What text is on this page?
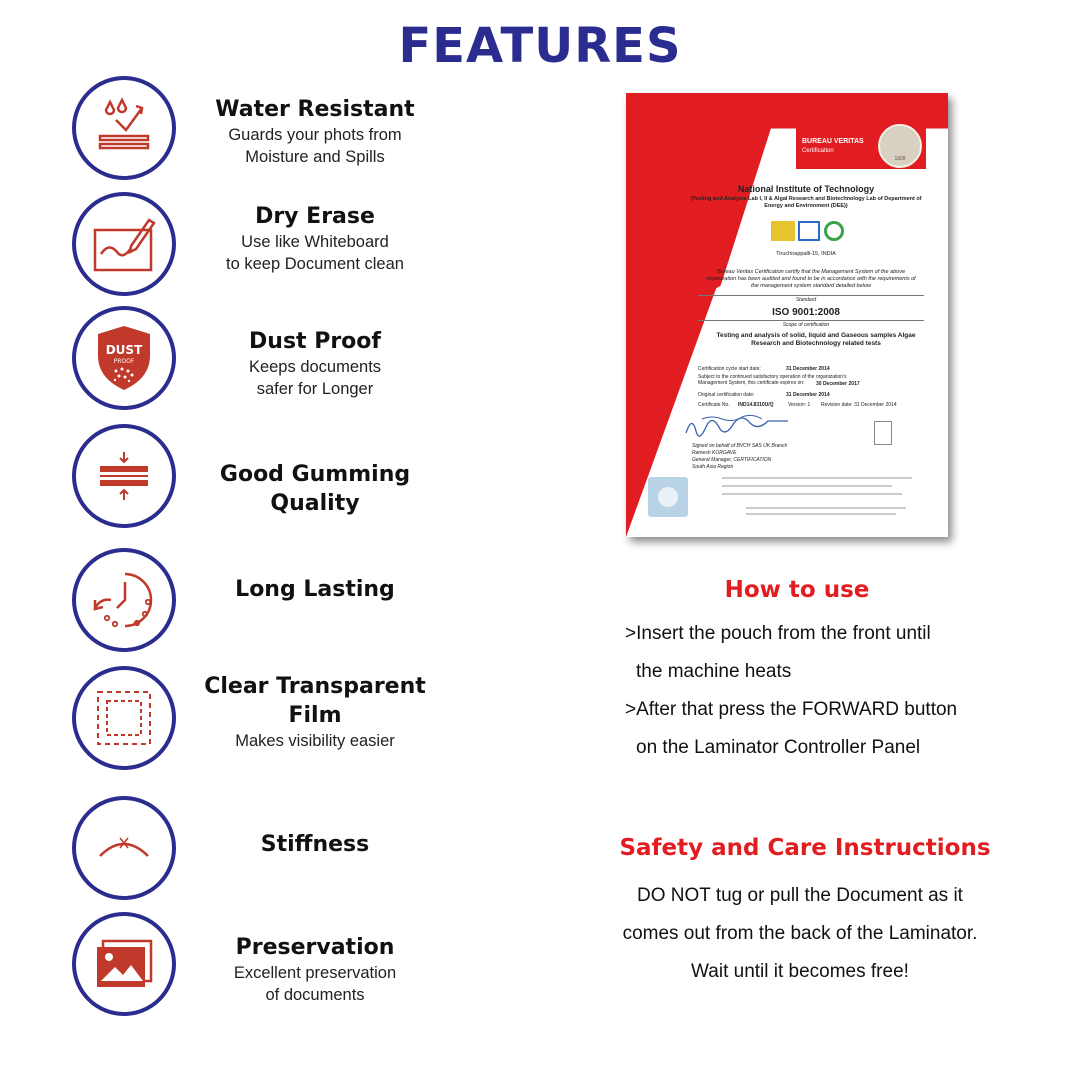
FEATURES
Water Resistant
Guards your phots from
Moisture and Spills
Dry Erase
Use like Whiteboard
to keep Document clean
DUST
PROOF
Dust Proof
Keeps documents
safer for Longer
Good Gumming
Quality
Long Lasting
Clear Transparent
Film
Makes visibility easier
Stiffness
Preservation
Excellent preservation
of documents
BUREAU VERITAS
Certification
1828
National Institute of Technology
(Testing and Analysis Lab I, II & Algal Research and Biotechnology Lab of Department of Energy and Environment (DEE))
Tiruchirappalli-15, INDIA
Bureau Veritas Certification certify that the Management System of the above organization has been audited and found to be in accordance with the requirements of the management system standard detailed below
Standard
ISO 9001:2008
Scope of certification
Testing and analysis of solid, liquid and Gaseous samples Algae Research and Biotechnology related tests
Certification cycle start date:	31 December 2014
Subject to the continued satisfactory operation of the organization's Management System, this certificate expires on:	30 December 2017
Original certification date:	31 December 2014
Certificate No. IND14.8310U/Q	Version: 1 Revision date: 31 December 2014
Signed on behalf of BVCH SAS UK Branch
Ramesh KORGAVE
General Manager, CERTIFICATION
South Asia Region
How to use
>Insert the pouch from the front until
the machine heats
>After that press the FORWARD button
on the Laminator Controller Panel
Safety and Care Instructions
DO NOT tug or pull the Document as it
comes out from the back of the Laminator.
Wait until it becomes free!
